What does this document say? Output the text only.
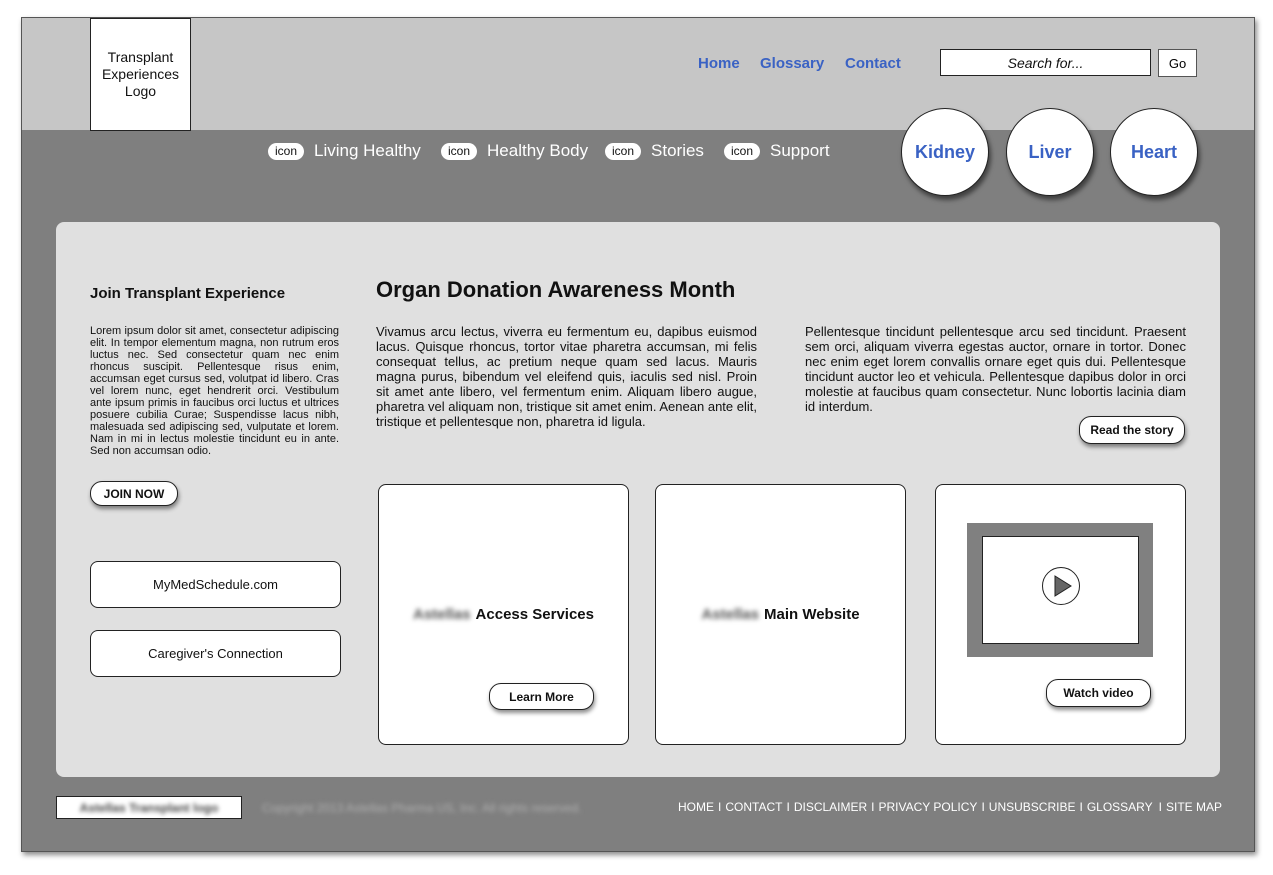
Transplant
Experiences
Logo
Home Glossary Contact
Search for...	Go
icon	Living Healthy	icon	Healthy Body	icon	Stories	icon	Support	Kidney	Liver	Heart
Join Transplant Experience
Lorem ipsum dolor sit amet, consectetur adipiscing elit. In tempor elementum magna, non rutrum eros luctus nec. Sed consectetur quam nec enim rhoncus suscipit. Pellentesque risus enim, accumsan eget cursus sed, volutpat id libero. Cras vel lorem nunc, eget hendrerit orci. Vestibulum ante ipsum primis in faucibus orci luctus et ultrices posuere cubilia Curae; Suspendisse lacus nibh, malesuada sed adipiscing sed, vulputate et lorem. Nam in mi in lectus molestie tincidunt eu in ante. Sed non accumsan odio.
JOIN NOW
MyMedSchedule.com
Caregiver's Connection
Organ Donation Awareness Month
Vivamus arcu lectus, viverra eu fermentum eu, dapibus euismod lacus. Quisque rhoncus, tortor vitae pharetra accumsan, mi felis consequat tellus, ac pretium neque quam sed lacus. Mauris magna purus, bibendum vel eleifend quis, iaculis sed nisl. Proin sit amet ante libero, vel fermentum enim. Aliquam libero augue, pharetra vel aliquam non, tristique sit amet enim. Aenean ante elit, tristique et pellentesque non, pharetra id ligula.
Pellentesque tincidunt pellentesque arcu sed tincidunt. Praesent sem orci, aliquam viverra egestas auctor, ornare in tortor. Donec nec enim eget lorem convallis ornare eget quis dui. Pellentesque tincidunt auctor leo et vehicula. Pellentesque dapibus dolor in orci molestie at faucibus quam consectetur. Nunc lobortis lacinia diam id interdum.
Read the story
Astellas Access Services
Learn More
Astellas Main Website
Watch video
Astellas Transplant logo	Copyright 2013 Astellas Pharma US, Inc. All rights reserved.	HOME I CONTACT I DISCLAIMER I PRIVACY POLICY I UNSUBSCRIBE I GLOSSARY I SITE MAP
